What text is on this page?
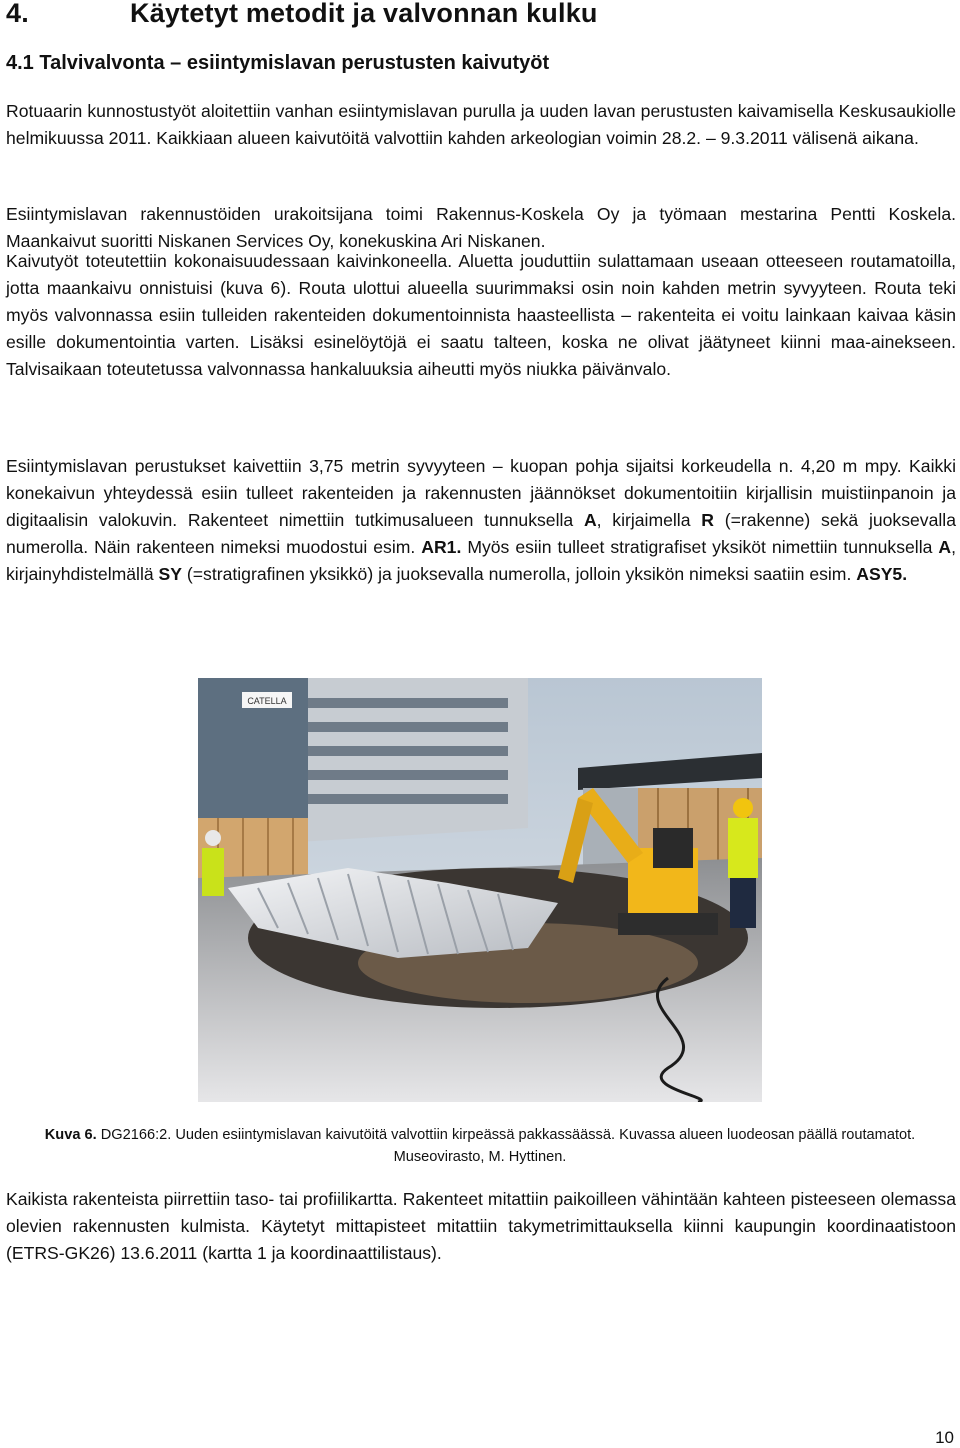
4.	Käytetyt metodit ja valvonnan kulku
4.1 Talvivalvonta – esiintymislavan perustusten kaivutyöt

Rotuaarin kunnostustyöt aloitettiin vanhan esiintymislavan purulla ja uuden lavan perustusten kaivamisella Keskusaukiolle helmikuussa 2011. Kaikkiaan alueen kaivutöitä valvottiin kahden arkeologian voimin 28.2. – 9.3.2011 välisenä aikana.

Esiintymislavan rakennustöiden urakoitsijana toimi Rakennus-Koskela Oy ja työmaan mestarina Pentti Koskela. Maankaivut suoritti Niskanen Services Oy, konekuskina Ari Niskanen.

Kaivutyöt toteutettiin kokonaisuudessaan kaivinkoneella. Aluetta jouduttiin sulattamaan useaan otteeseen routamatoilla, jotta maankaivu onnistuisi (kuva 6). Routa ulottui alueella suurimmaksi osin noin kahden metrin syvyyteen. Routa teki myös valvonnassa esiin tulleiden rakenteiden dokumentoinnista haasteellista – rakenteita ei voitu lainkaan kaivaa käsin esille dokumentointia varten. Lisäksi esinelöytöjä ei saatu talteen, koska ne olivat jäätyneet kiinni maa-ainekseen. Talvisaikaan toteutetussa valvonnassa hankaluuksia aiheutti myös niukka päivänvalo.

Esiintymislavan perustukset kaivettiin 3,75 metrin syvyyteen – kuopan pohja sijaitsi korkeudella n. 4,20 m mpy. Kaikki konekaivun yhteydessä esiin tulleet rakenteiden ja rakennusten jäännökset dokumentoitiin kirjallisin muistiinpanoin ja digitaalisin valokuvin. Rakenteet nimettiin tutkimusalueen tunnuksella A, kirjaimella R (=rakenne) sekä juoksevalla numerolla. Näin rakenteen nimeksi muodostui esim. AR1. Myös esiin tulleet stratigrafiset yksiköt nimettiin tunnuksella A, kirjainyhdistelmällä SY (=stratigrafinen yksikkö) ja juoksevalla numerolla, jolloin yksikön nimeksi saatiin esim. ASY5.

CATELLA

Kuva 6. DG2166:2. Uuden esiintymislavan kaivutöitä valvottiin kirpeässä pakkassäässä. Kuvassa alueen luodeosan päällä routamatot. Museovirasto, M. Hyttinen.

Kaikista rakenteista piirrettiin taso- tai profiilikartta. Rakenteet mitattiin paikoilleen vähintään kahteen pisteeseen olemassa olevien rakennusten kulmista. Käytetyt mittapisteet mitattiin takymetrimittauksella kiinni kaupungin koordinaatistoon (ETRS-GK26) 13.6.2011 (kartta 1 ja koordinaattilistaus).

10
